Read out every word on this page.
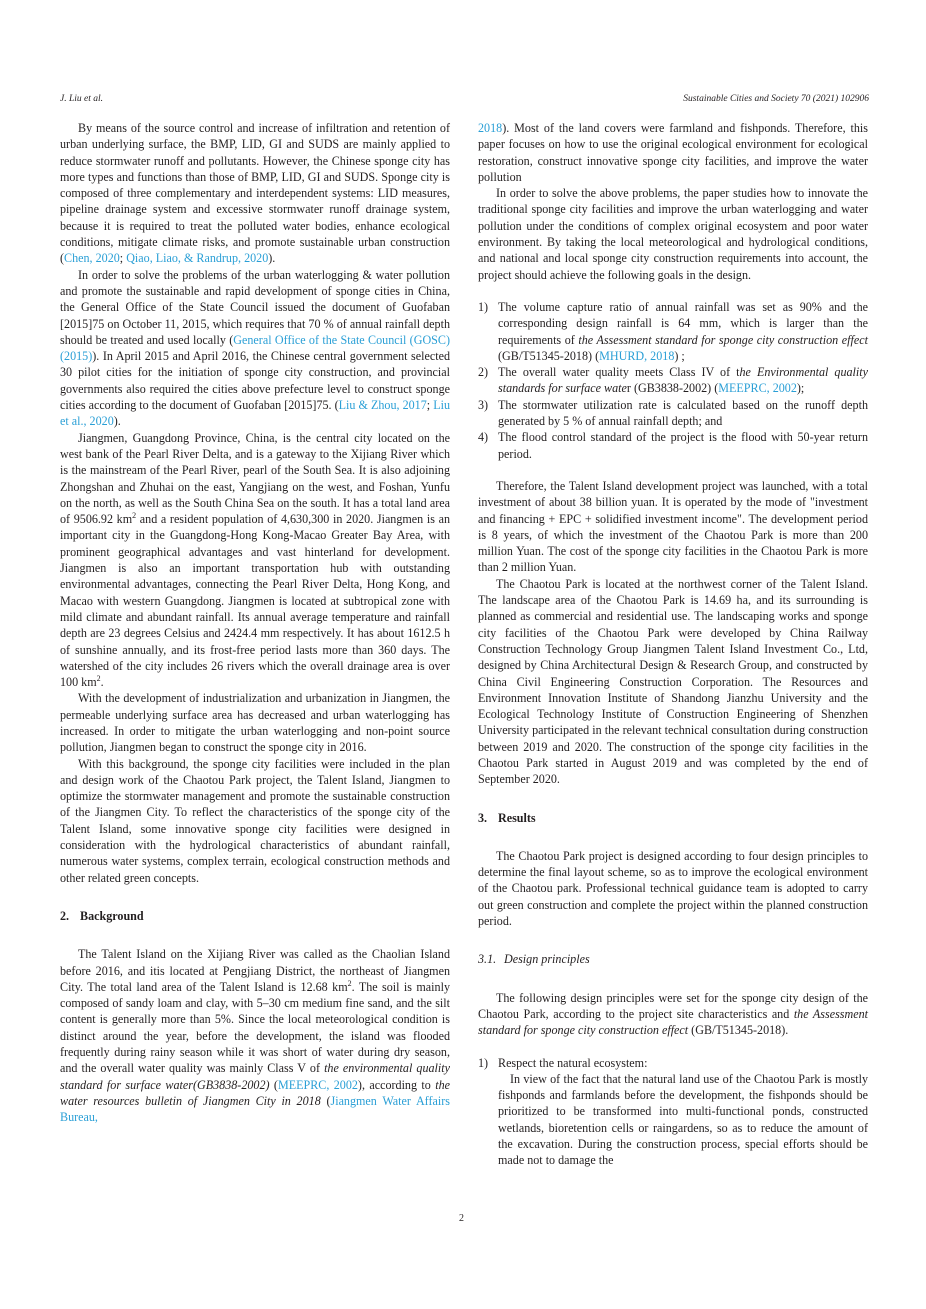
J. Liu et al.	Sustainable Cities and Society 70 (2021) 102906

By means of the source control and increase of infiltration and retention of urban underlying surface, the BMP, LID, GI and SUDS are mainly applied to reduce stormwater runoff and pollutants. However, the Chinese sponge city has more types and functions than those of BMP, LID, GI and SUDS. Sponge city is composed of three complementary and interdependent systems: LID measures, pipeline drainage system and excessive stormwater runoff drainage system, because it is required to treat the polluted water bodies, enhance ecological conditions, mitigate climate risks, and promote sustainable urban construction (Chen, 2020; Qiao, Liao, & Randrup, 2020).

In order to solve the problems of the urban waterlogging & water pollution and promote the sustainable and rapid development of sponge cities in China, the General Office of the State Council issued the document of Guofaban [2015]75 on October 11, 2015, which requires that 70 % of annual rainfall depth should be treated and used locally (General Office of the State Council (GOSC) (2015)). In April 2015 and April 2016, the Chinese central government selected 30 pilot cities for the initiation of sponge city construction, and provincial governments also required the cities above prefecture level to construct sponge cities according to the document of Guofaban [2015]75. (Liu & Zhou, 2017; Liu et al., 2020).

Jiangmen, Guangdong Province, China, is the central city located on the west bank of the Pearl River Delta, and is a gateway to the Xijiang River which is the mainstream of the Pearl River, pearl of the South Sea. It is also adjoining Zhongshan and Zhuhai on the east, Yangjiang on the west, and Foshan, Yunfu on the north, as well as the South China Sea on the south. It has a total land area of 9506.92 $km^2$ and a resident population of 4,630,300 in 2020. Jiangmen is an important city in the Guangdong-Hong Kong-Macao Greater Bay Area, with prominent geographical advantages and vast hinterland for development. Jiangmen is also an important transportation hub with outstanding environmental advantages, connecting the Pearl River Delta, Hong Kong, and Macao with western Guangdong. Jiangmen is located at subtropical zone with mild climate and abundant rainfall. Its annual average temperature and rainfall depth are 23 degrees Celsius and 2424.4 mm respectively. It has about 1612.5 h of sunshine annually, and its frost-free period lasts more than 360 days. The watershed of the city includes 26 rivers which the overall drainage area is over 100 $km^2$.

With the development of industrialization and urbanization in Jiangmen, the permeable underlying surface area has decreased and urban waterlogging has increased. In order to mitigate the urban waterlogging and non-point source pollution, Jiangmen began to construct the sponge city in 2016.

With this background, the sponge city facilities were included in the plan and design work of the Chaotou Park project, the Talent Island, Jiangmen to optimize the stormwater management and promote the sustainable construction of the Jiangmen City. To reflect the characteristics of the sponge city of the Talent Island, some innovative sponge city facilities were designed in consideration with the hydrological characteristics of abundant rainfall, numerous water systems, complex terrain, ecological construction methods and other related green concepts.

2. Background

The Talent Island on the Xijiang River was called as the Chaolian Island before 2016, and itis located at Pengjiang District, the northeast of Jiangmen City. The total land area of the Talent Island is 12.68 $km^2$. The soil is mainly composed of sandy loam and clay, with 5–30 cm medium fine sand, and the silt content is generally more than 5%. Since the local meteorological condition is distinct around the year, before the development, the island was flooded frequently during rainy season while it was short of water during dry season, and the overall water quality was mainly Class V of the environmental quality standard for surface water(GB3838-2002) (MEEPRC, 2002), according to the water resources bulletin of Jiangmen City in 2018 (Jiangmen Water Affairs Bureau,

2018). Most of the land covers were farmland and fishponds. Therefore, this paper focuses on how to use the original ecological environment for ecological restoration, construct innovative sponge city facilities, and improve the water pollution

In order to solve the above problems, the paper studies how to innovate the traditional sponge city facilities and improve the urban waterlogging and water pollution under the conditions of complex original ecosystem and poor water environment. By taking the local meteorological and hydrological conditions, and national and local sponge city construction requirements into account, the project should achieve the following goals in the design.

1) The volume capture ratio of annual rainfall was set as 90% and the corresponding design rainfall is 64 mm, which is larger than the requirements of the Assessment standard for sponge city construction effect (GB/T51345-2018) (MHURD, 2018) ;
2) The overall water quality meets Class IV of the Environmental quality standards for surface water (GB3838-2002) (MEEPRC, 2002);
3) The stormwater utilization rate is calculated based on the runoff depth generated by 5 % of annual rainfall depth; and
4) The flood control standard of the project is the flood with 50-year return period.

Therefore, the Talent Island development project was launched, with a total investment of about 38 billion yuan. It is operated by the mode of "investment and financing + EPC + solidified investment income". The development period is 8 years, of which the investment of the Chaotou Park is more than 200 million Yuan. The cost of the sponge city facilities in the Chaotou Park is more than 2 million Yuan.

The Chaotou Park is located at the northwest corner of the Talent Island. The landscape area of the Chaotou Park is 14.69 ha, and its surrounding is planned as commercial and residential use. The landscaping works and sponge city facilities of the Chaotou Park were developed by China Railway Construction Technology Group Jiangmen Talent Island Investment Co., Ltd, designed by China Architectural Design & Research Group, and constructed by China Civil Engineering Construction Corporation. The Resources and Environment Innovation Institute of Shandong Jianzhu University and the Ecological Technology Institute of Construction Engineering of Shenzhen University participated in the relevant technical consultation during construction between 2019 and 2020. The construction of the sponge city facilities in the Chaotou Park started in August 2019 and was completed by the end of September 2020.

3. Results

The Chaotou Park project is designed according to four design principles to determine the final layout scheme, so as to improve the ecological environment of the Chaotou park. Professional technical guidance team is adopted to carry out green construction and complete the project within the planned construction period.

3.1. Design principles

The following design principles were set for the sponge city design of the Chaotou Park, according to the project site characteristics and the Assessment standard for sponge city construction effect (GB/T51345-2018).

1) Respect the natural ecosystem:

In view of the fact that the natural land use of the Chaotou Park is mostly fishponds and farmlands before the development, the fishponds should be prioritized to be transformed into multi-functional ponds, constructed wetlands, bioretention cells or raingardens, so as to reduce the amount of the excavation. During the construction process, special efforts should be made not to damage the

2
